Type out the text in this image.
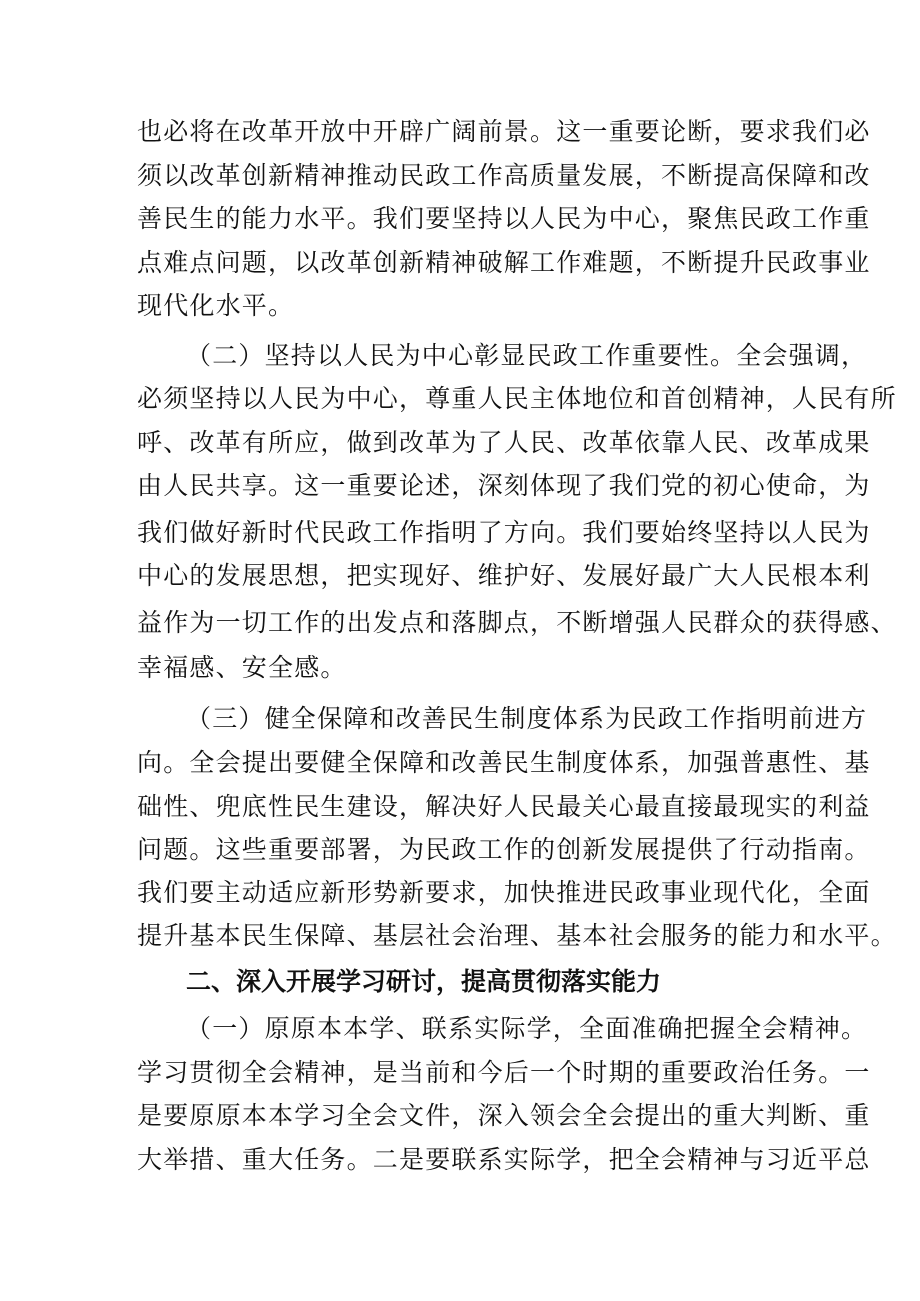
也必将在改革开放中开辟广阔前景。这一重要论断，要求我们必
须以改革创新精神推动民政工作高质量发展，不断提高保障和改
善民生的能力水平。我们要坚持以人民为中心，聚焦民政工作重
点难点问题，以改革创新精神破解工作难题，不断提升民政事业
现代化水平。
（二）坚持以人民为中心彰显民政工作重要性。全会强调，
必须坚持以人民为中心，尊重人民主体地位和首创精神，人民有所
呼、改革有所应，做到改革为了人民、改革依靠人民、改革成果
由人民共享。这一重要论述，深刻体现了我们党的初心使命，为
我们做好新时代民政工作指明了方向。我们要始终坚持以人民为
中心的发展思想，把实现好、维护好、发展好最广大人民根本利
益作为一切工作的出发点和落脚点，不断增强人民群众的获得感、
幸福感、安全感。
（三）健全保障和改善民生制度体系为民政工作指明前进方
向。全会提出要健全保障和改善民生制度体系，加强普惠性、基
础性、兜底性民生建设，解决好人民最关心最直接最现实的利益
问题。这些重要部署，为民政工作的创新发展提供了行动指南。
我们要主动适应新形势新要求，加快推进民政事业现代化，全面
提升基本民生保障、基层社会治理、基本社会服务的能力和水平。
二、深入开展学习研讨，提高贯彻落实能力
（一）原原本本学、联系实际学，全面准确把握全会精神。
学习贯彻全会精神，是当前和今后一个时期的重要政治任务。一
是要原原本本学习全会文件，深入领会全会提出的重大判断、重
大举措、重大任务。二是要联系实际学，把全会精神与习近平总
